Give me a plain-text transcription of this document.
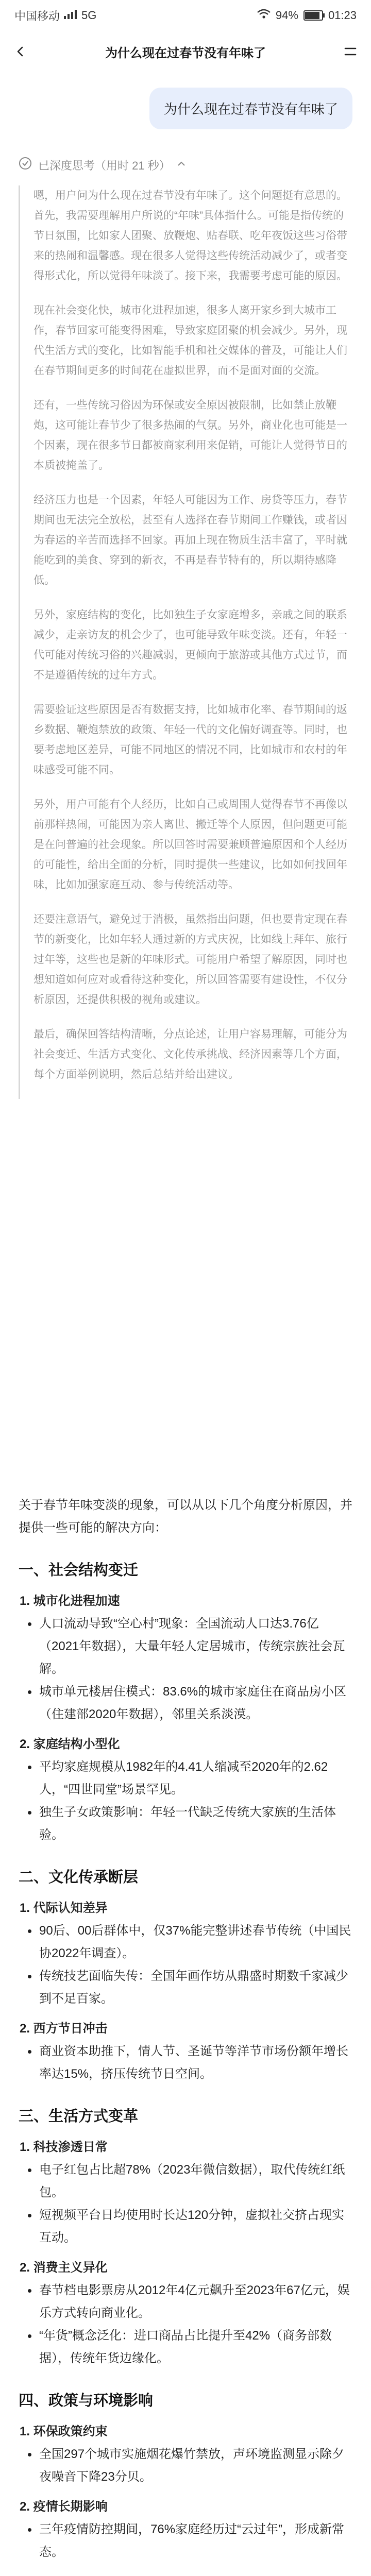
中国移动 5G	94%	01:23
为什么现在过春节没有年味了
为什么现在过春节没有年味了
已深度思考（用时 21 秒）

嗯，用户问为什么现在过春节没有年味了。这个问题挺有意思的。首先，我需要理解用户所说的“年味”具体指什么。可能是指传统的节日氛围，比如家人团聚、放鞭炮、贴春联、吃年夜饭这些习俗带来的热闹和温馨感。现在很多人觉得这些传统活动减少了，或者变得形式化，所以觉得年味淡了。接下来，我需要考虑可能的原因。

现在社会变化快，城市化进程加速，很多人离开家乡到大城市工作，春节回家可能变得困难，导致家庭团聚的机会减少。另外，现代生活方式的变化，比如智能手机和社交媒体的普及，可能让人们在春节期间更多的时间花在虚拟世界，而不是面对面的交流。

还有，一些传统习俗因为环保或安全原因被限制，比如禁止放鞭炮，这可能让春节少了很多热闹的气氛。另外，商业化也可能是一个因素，现在很多节日都被商家利用来促销，可能让人觉得节日的本质被掩盖了。

经济压力也是一个因素，年轻人可能因为工作、房贷等压力，春节期间也无法完全放松，甚至有人选择在春节期间工作赚钱，或者因为春运的辛苦而选择不回家。再加上现在物质生活丰富了，平时就能吃到的美食、穿到的新衣，不再是春节特有的，所以期待感降低。

另外，家庭结构的变化，比如独生子女家庭增多，亲戚之间的联系减少，走亲访友的机会少了，也可能导致年味变淡。还有，年轻一代可能对传统习俗的兴趣减弱，更倾向于旅游或其他方式过节，而不是遵循传统的过年方式。

需要验证这些原因是否有数据支持，比如城市化率、春节期间的返乡数据、鞭炮禁放的政策、年轻一代的文化偏好调查等。同时，也要考虑地区差异，可能不同地区的情况不同，比如城市和农村的年味感受可能不同。

另外，用户可能有个人经历，比如自己或周围人觉得春节不再像以前那样热闹，可能因为亲人离世、搬迁等个人原因，但问题更可能是在问普遍的社会现象。所以回答时需要兼顾普遍原因和个人经历的可能性，给出全面的分析，同时提供一些建议，比如如何找回年味，比如加强家庭互动、参与传统活动等。

还要注意语气，避免过于消极，虽然指出问题，但也要肯定现在春节的新变化，比如年轻人通过新的方式庆祝，比如线上拜年、旅行过年等，这些也是新的年味形式。可能用户希望了解原因，同时也想知道如何应对或看待这种变化，所以回答需要有建设性，不仅分析原因，还提供积极的视角或建议。

最后，确保回答结构清晰，分点论述，让用户容易理解，可能分为社会变迁、生活方式变化、文化传承挑战、经济因素等几个方面，每个方面举例说明，然后总结并给出建议。

关于春节年味变淡的现象，可以从以下几个角度分析原因，并提供一些可能的解决方向：

一、社会结构变迁

1. 城市化进程加速

人口流动导致“空心村”现象：全国流动人口达3.76亿（2021年数据），大量年轻人定居城市，传统宗族社会瓦解。

城市单元楼居住模式：83.6%的城市家庭住在商品房小区（住建部2020年数据），邻里关系淡漠。

2. 家庭结构小型化

平均家庭规模从1982年的4.41人缩减至2020年的2.62人，“四世同堂”场景罕见。

独生子女政策影响：年轻一代缺乏传统大家族的生活体验。

二、文化传承断层

1. 代际认知差异

90后、00后群体中，仅37%能完整讲述春节传统（中国民协2022年调查）。

传统技艺面临失传：全国年画作坊从鼎盛时期数千家减少到不足百家。

2. 西方节日冲击

商业资本助推下，情人节、圣诞节等洋节市场份额年增长率达15%，挤压传统节日空间。

三、生活方式变革

1. 科技渗透日常

电子红包占比超78%（2023年微信数据），取代传统红纸包。

短视频平台日均使用时长达120分钟，虚拟社交挤占现实互动。

2. 消费主义异化

春节档电影票房从2012年4亿元飙升至2023年67亿元，娱乐方式转向商业化。

“年货”概念泛化：进口商品占比提升至42%（商务部数据），传统年货边缘化。

四、政策与环境影响

1. 环保政策约束

全国297个城市实施烟花爆竹禁放，声环境监测显示除夕夜噪音下降23分贝。

2. 疫情长期影响

三年疫情防控期间，76%家庭经历过“云过年”，形成新常态。
